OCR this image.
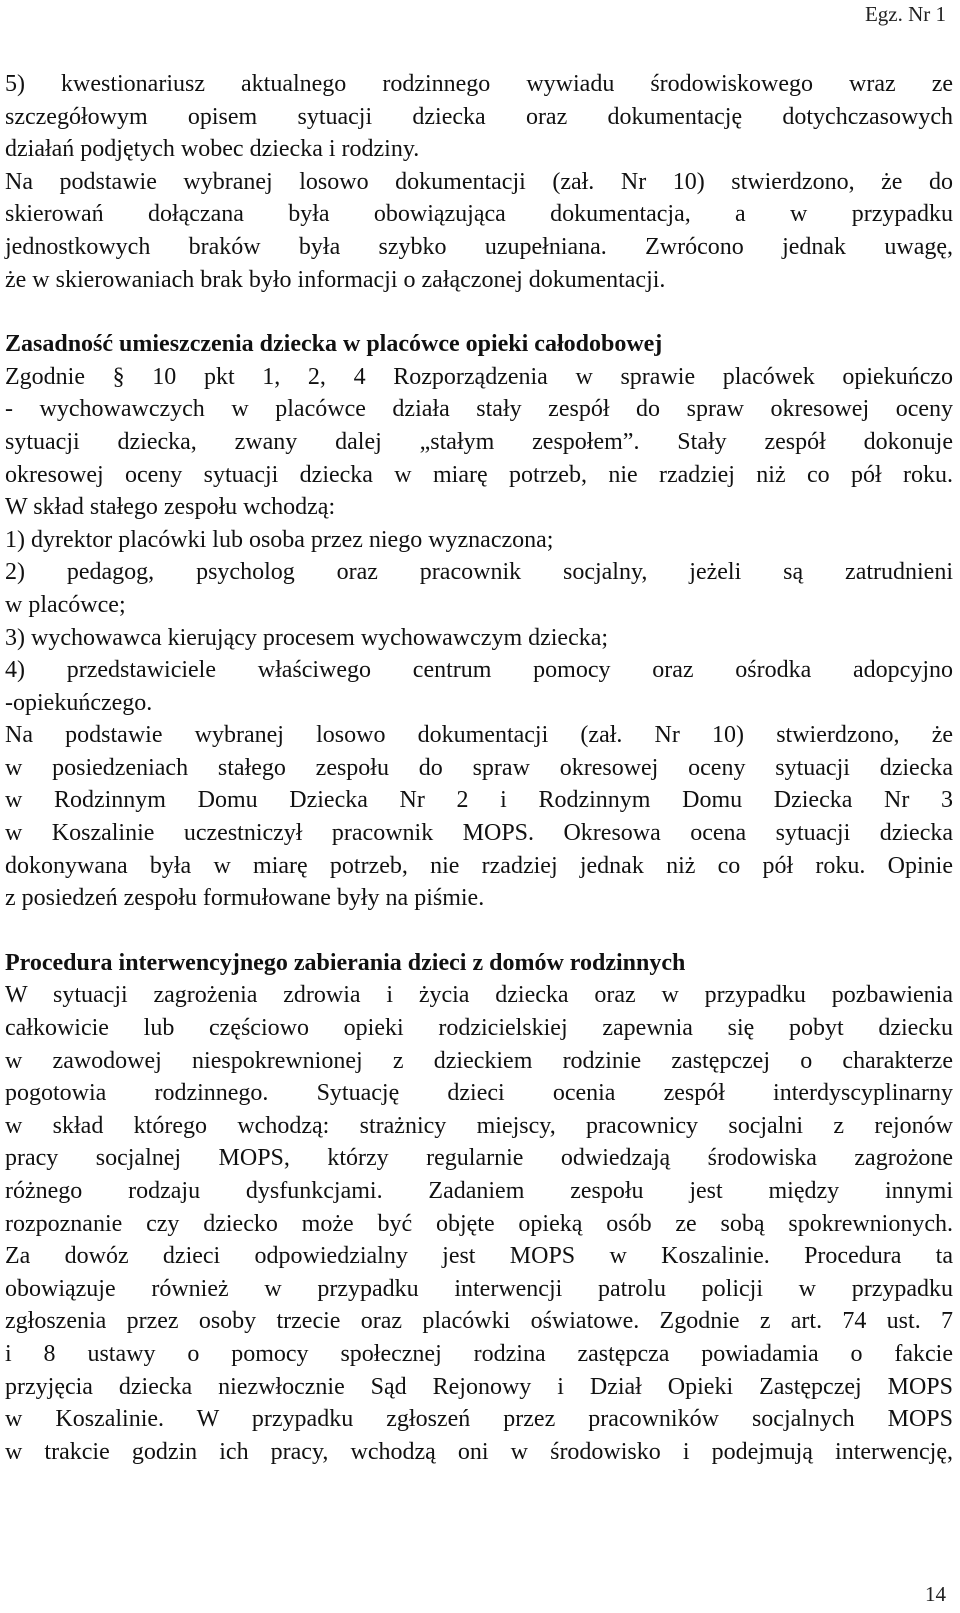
Egz. Nr 1

5) kwestionariusz aktualnego rodzinnego wywiadu środowiskowego wraz ze
szczegółowym opisem sytuacji dziecka oraz dokumentację dotychczasowych
działań podjętych wobec dziecka i rodziny.
Na podstawie wybranej losowo dokumentacji (zał. Nr 10) stwierdzono, że do
skierowań dołączana była obowiązująca dokumentacja, a w przypadku
jednostkowych braków była szybko uzupełniana. Zwrócono jednak uwagę,
że w skierowaniach brak było informacji o załączonej dokumentacji.

Zasadność umieszczenia dziecka w placówce opieki całodobowej

Zgodnie § 10 pkt 1, 2, 4 Rozporządzenia w sprawie placówek opiekuńczo
- wychowawczych w placówce działa stały zespół do spraw okresowej oceny
sytuacji dziecka, zwany dalej „stałym zespołem”. Stały zespół dokonuje
okresowej oceny sytuacji dziecka w miarę potrzeb, nie rzadziej niż co pół roku.
W skład stałego zespołu wchodzą:
1) dyrektor placówki lub osoba przez niego wyznaczona;
2) pedagog, psycholog oraz pracownik socjalny, jeżeli są zatrudnieni
w placówce;
3) wychowawca kierujący procesem wychowawczym dziecka;
4) przedstawiciele właściwego centrum pomocy oraz ośrodka adopcyjno
-opiekuńczego.
Na podstawie wybranej losowo dokumentacji (zał. Nr 10) stwierdzono, że
w posiedzeniach stałego zespołu do spraw okresowej oceny sytuacji dziecka
w Rodzinnym Domu Dziecka Nr 2 i Rodzinnym Domu Dziecka Nr 3
w Koszalinie uczestniczył pracownik MOPS. Okresowa ocena sytuacji dziecka
dokonywana była w miarę potrzeb, nie rzadziej jednak niż co pół roku. Opinie
z posiedzeń zespołu formułowane były na piśmie.

Procedura interwencyjnego zabierania dzieci z domów rodzinnych

W sytuacji zagrożenia zdrowia i życia dziecka oraz w przypadku pozbawienia
całkowicie lub częściowo opieki rodzicielskiej zapewnia się pobyt dziecku
w zawodowej niespokrewnionej z dzieckiem rodzinie zastępczej o charakterze
pogotowia rodzinnego. Sytuację dzieci ocenia zespół interdyscyplinarny
w skład którego wchodzą: strażnicy miejscy, pracownicy socjalni z rejonów
pracy socjalnej MOPS, którzy regularnie odwiedzają środowiska zagrożone
różnego rodzaju dysfunkcjami. Zadaniem zespołu jest między innymi
rozpoznanie czy dziecko może być objęte opieką osób ze sobą spokrewnionych.
Za dowóz dzieci odpowiedzialny jest MOPS w Koszalinie. Procedura ta
obowiązuje również w przypadku interwencji patrolu policji w przypadku
zgłoszenia przez osoby trzecie oraz placówki oświatowe. Zgodnie z art. 74 ust. 7
i 8 ustawy o pomocy społecznej rodzina zastępcza powiadamia o fakcie
przyjęcia dziecka niezwłocznie Sąd Rejonowy i Dział Opieki Zastępczej MOPS
w Koszalinie. W przypadku zgłoszeń przez pracowników socjalnych MOPS
w trakcie godzin ich pracy, wchodzą oni w środowisko i podejmują interwencję,

14
